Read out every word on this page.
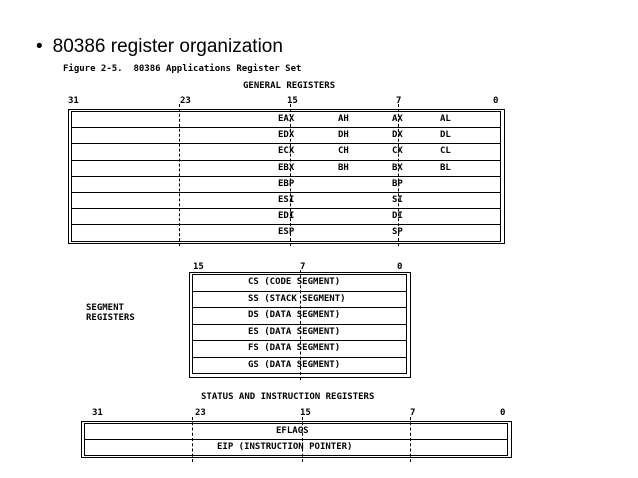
• 80386 register organization
Figure 2-5.  80386 Applications Register Set
GENERAL REGISTERS
31	23	15	7	0
EAX	AH	AX	AL
EDX	DH	DX	DL
ECX	CH	CX	CL
EBX	BH	BX	BL
EBP	BP
ESI	SI
EDI	DI
ESP	SP
15	7	0
SEGMENT
REGISTERS
CS (CODE SEGMENT)
SS (STACK SEGMENT)
DS (DATA SEGMENT)
ES (DATA SEGMENT)
FS (DATA SEGMENT)
GS (DATA SEGMENT)
STATUS AND INSTRUCTION REGISTERS
31	23	15	7	0
EFLAGS
EIP (INSTRUCTION POINTER)
